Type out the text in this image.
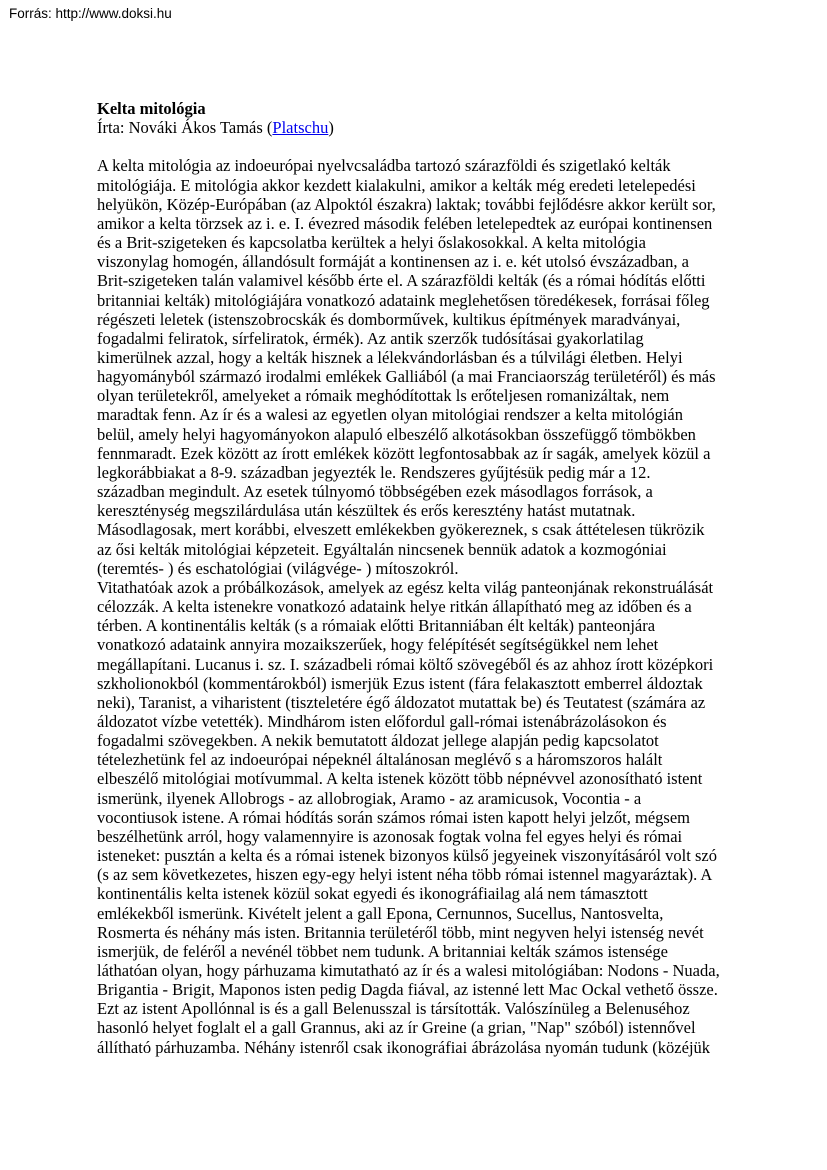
Forrás: http://www.doksi.hu
Kelta mitológia
Írta: Nováki Ákos Tamás (Platschu)
A kelta mitológia az indoeurópai nyelvcsaládba tartozó szárazföldi és szigetlakó kelták
mitológiája. E mitológia akkor kezdett kialakulni, amikor a kelták még eredeti letelepedési
helyükön, Közép-Európában (az Alpoktól északra) laktak; további fejlődésre akkor került sor,
amikor a kelta törzsek az i. e. I. évezred második felében letelepedtek az európai kontinensen
és a Brit-szigeteken és kapcsolatba kerültek a helyi őslakosokkal. A kelta mitológia
viszonylag homogén, állandósult formáját a kontinensen az i. e. két utolsó évszázadban, a
Brit-szigeteken talán valamivel később érte el. A szárazföldi kelták (és a római hódítás előtti
britanniai kelták) mitológiájára vonatkozó adataink meglehetősen töredékesek, forrásai főleg
régészeti leletek (istenszobrocskák és domborművek, kultikus építmények maradványai,
fogadalmi feliratok, sírfeliratok, érmék). Az antik szerzők tudósításai gyakorlatilag
kimerülnek azzal, hogy a kelták hisznek a lélekvándorlásban és a túlvilági életben. Helyi
hagyományból származó irodalmi emlékek Galliából (a mai Franciaország területéről) és más
olyan területekről, amelyeket a rómaik meghódítottak ls erőteljesen romanizáltak, nem
maradtak fenn. Az ír és a walesi az egyetlen olyan mitológiai rendszer a kelta mitológián
belül, amely helyi hagyományokon alapuló elbeszélő alkotásokban összefüggő tömbökben
fennmaradt. Ezek között az írott emlékek között legfontosabbak az ír sagák, amelyek közül a
legkorábbiakat a 8-9. században jegyezték le. Rendszeres gyűjtésük pedig már a 12.
században megindult. Az esetek túlnyomó többségében ezek másodlagos források, a
kereszténység megszilárdulása után készültek és erős keresztény hatást mutatnak.
Másodlagosak, mert korábbi, elveszett emlékekben gyökereznek, s csak áttételesen tükrözik
az ősi kelták mitológiai képzeteit. Egyáltalán nincsenek bennük adatok a kozmogóniai
(teremtés- ) és eschatológiai (világvége- ) mítoszokról.
Vitathatóak azok a próbálkozások, amelyek az egész kelta világ panteonjának rekonstruálását
célozzák. A kelta istenekre vonatkozó adataink helye ritkán állapítható meg az időben és a
térben. A kontinentális kelták (s a rómaiak előtti Britanniában élt kelták) panteonjára
vonatkozó adataink annyira mozaikszerűek, hogy felépítését segítségükkel nem lehet
megállapítani. Lucanus i. sz. I. századbeli római költő szövegéből és az ahhoz írott középkori
szkholionokból (kommentárokból) ismerjük Ezus istent (fára felakasztott emberrel áldoztak
neki), Taranist, a viharistent (tiszteletére égő áldozatot mutattak be) és Teutatest (számára az
áldozatot vízbe vetették). Mindhárom isten előfordul gall-római istenábrázolásokon és
fogadalmi szövegekben. A nekik bemutatott áldozat jellege alapján pedig kapcsolatot
tételezhetünk fel az indoeurópai népeknél általánosan meglévő s a háromszoros halált
elbeszélő mitológiai motívummal. A kelta istenek között több népnévvel azonosítható istent
ismerünk, ilyenek Allobrogs - az allobrogiak, Aramo - az aramicusok, Vocontia - a
vocontiusok istene. A római hódítás során számos római isten kapott helyi jelzőt, mégsem
beszélhetünk arról, hogy valamennyire is azonosak fogtak volna fel egyes helyi és római
isteneket: pusztán a kelta és a római istenek bizonyos külső jegyeinek viszonyításáról volt szó
(s az sem következetes, hiszen egy-egy helyi istent néha több római istennel magyaráztak). A
kontinentális kelta istenek közül sokat egyedi és ikonográfiailag alá nem támasztott
emlékekből ismerünk. Kivételt jelent a gall Epona, Cernunnos, Sucellus, Nantosvelta,
Rosmerta és néhány más isten. Britannia területéről több, mint negyven helyi istenség nevét
ismerjük, de feléről a nevénél többet nem tudunk. A britanniai kelták számos istensége
láthatóan olyan, hogy párhuzama kimutatható az ír és a walesi mitológiában: Nodons - Nuada,
Brigantia - Brigit, Maponos isten pedig Dagda fiával, az istenné lett Mac Ockal vethető össze.
Ezt az istent Apollónnal is és a gall Belenusszal is társították. Valószínüleg a Belenuséhoz
hasonló helyet foglalt el a gall Grannus, aki az ír Greine (a grian, "Nap" szóból) istennővel
állítható párhuzamba. Néhány istenről csak ikonográfiai ábrázolása nyomán tudunk (közéjük
